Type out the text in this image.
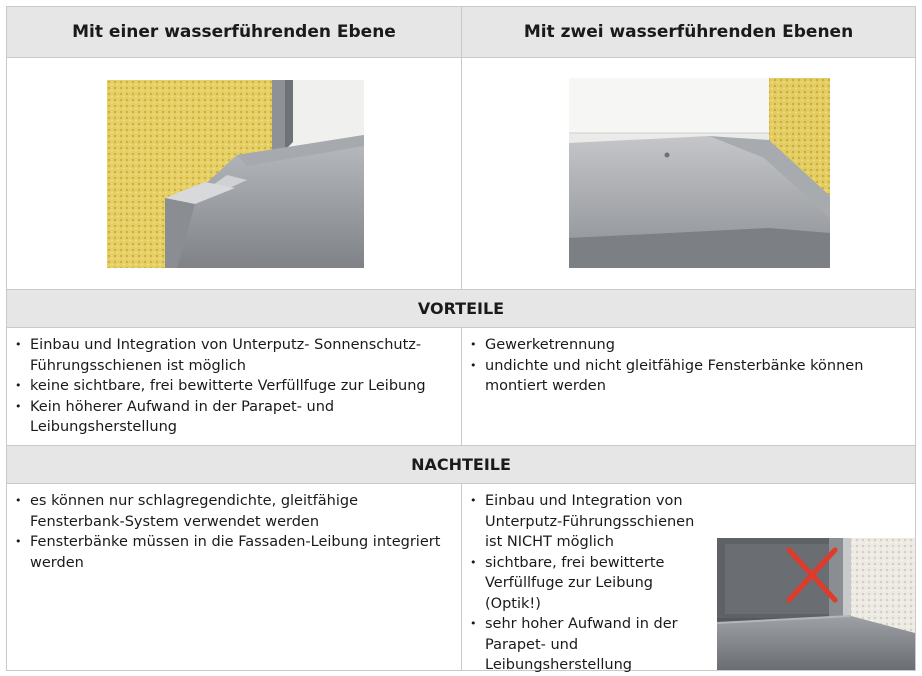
Mit einer wasserführenden Ebene	Mit zwei wasserführenden Ebenen
VORTEILE
• Einbau und Integration von Unterputz- Sonnenschutz-Führungsschienen ist möglich
• keine sichtbare, frei bewitterte Verfüllfuge zur Leibung
• Kein höherer Aufwand in der Parapet- und Leibungsherstellung
• Gewerketrennung
• undichte und nicht gleitfähige Fensterbänke können montiert werden
NACHTEILE
• es können nur schlagregendichte, gleitfähige Fensterbank-System verwendet werden
• Fensterbänke müssen in die Fassaden-Leibung integriert werden
• Einbau und Integration von Unterputz-Führungsschienen ist NICHT möglich
• sichtbare, frei bewitterte Verfüllfuge zur Leibung (Optik!)
• sehr hoher Aufwand in der Parapet- und Leibungsherstellung
